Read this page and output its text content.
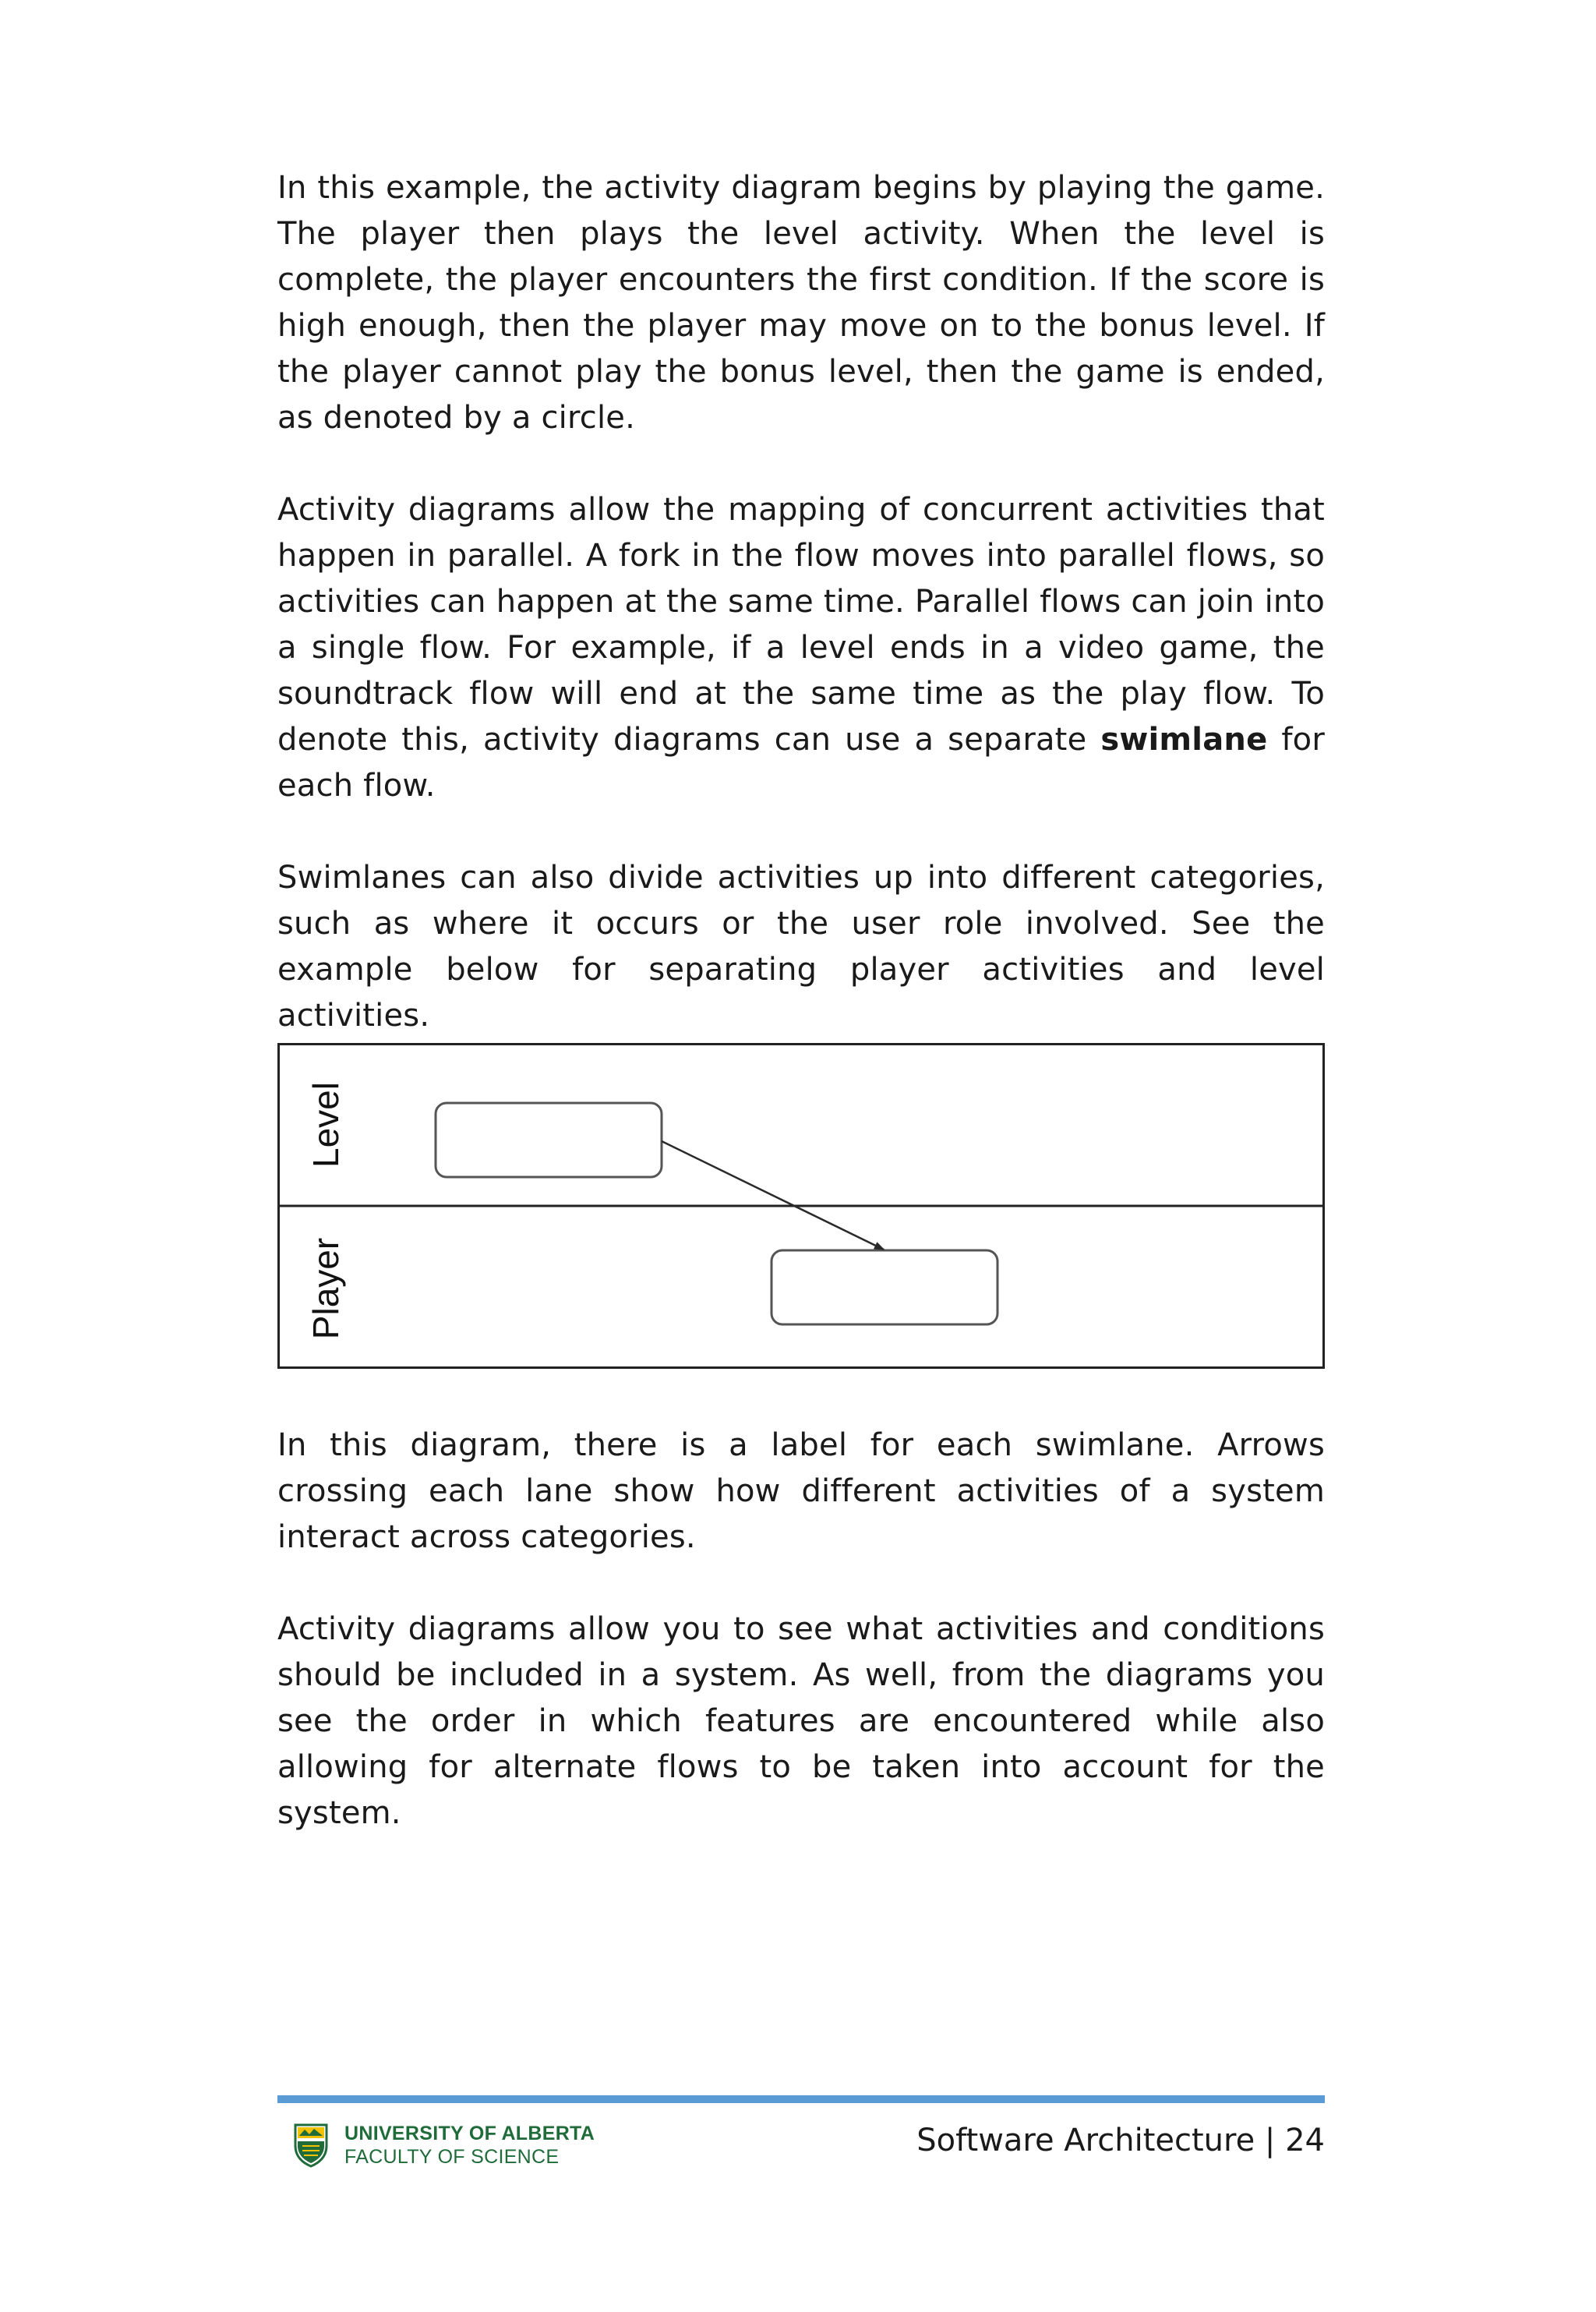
In this example, the activity diagram begins by playing the game. The player then plays the level activity. When the level is complete, the player encounters the first condition. If the score is high enough, then the player may move on to the bonus level. If the player cannot play the bonus level, then the game is ended, as denoted by a circle.

Activity diagrams allow the mapping of concurrent activities that happen in parallel. A fork in the flow moves into parallel flows, so activities can happen at the same time. Parallel flows can join into a single flow. For example, if a level ends in a video game, the soundtrack flow will end at the same time as the play flow. To denote this, activity diagrams can use a separate swimlane for each flow.

Swimlanes can also divide activities up into different categories, such as where it occurs or the user role involved. See the example below for separating player activities and level activities.

Level
Player

In this diagram, there is a label for each swimlane. Arrows crossing each lane show how different activities of a system interact across categories.

Activity diagrams allow you to see what activities and conditions should be included in a system. As well, from the diagrams you see the order in which features are encountered while also allowing for alternate flows to be taken into account for the system.

UNIVERSITY OF ALBERTA
FACULTY OF SCIENCE	Software Architecture | 24
